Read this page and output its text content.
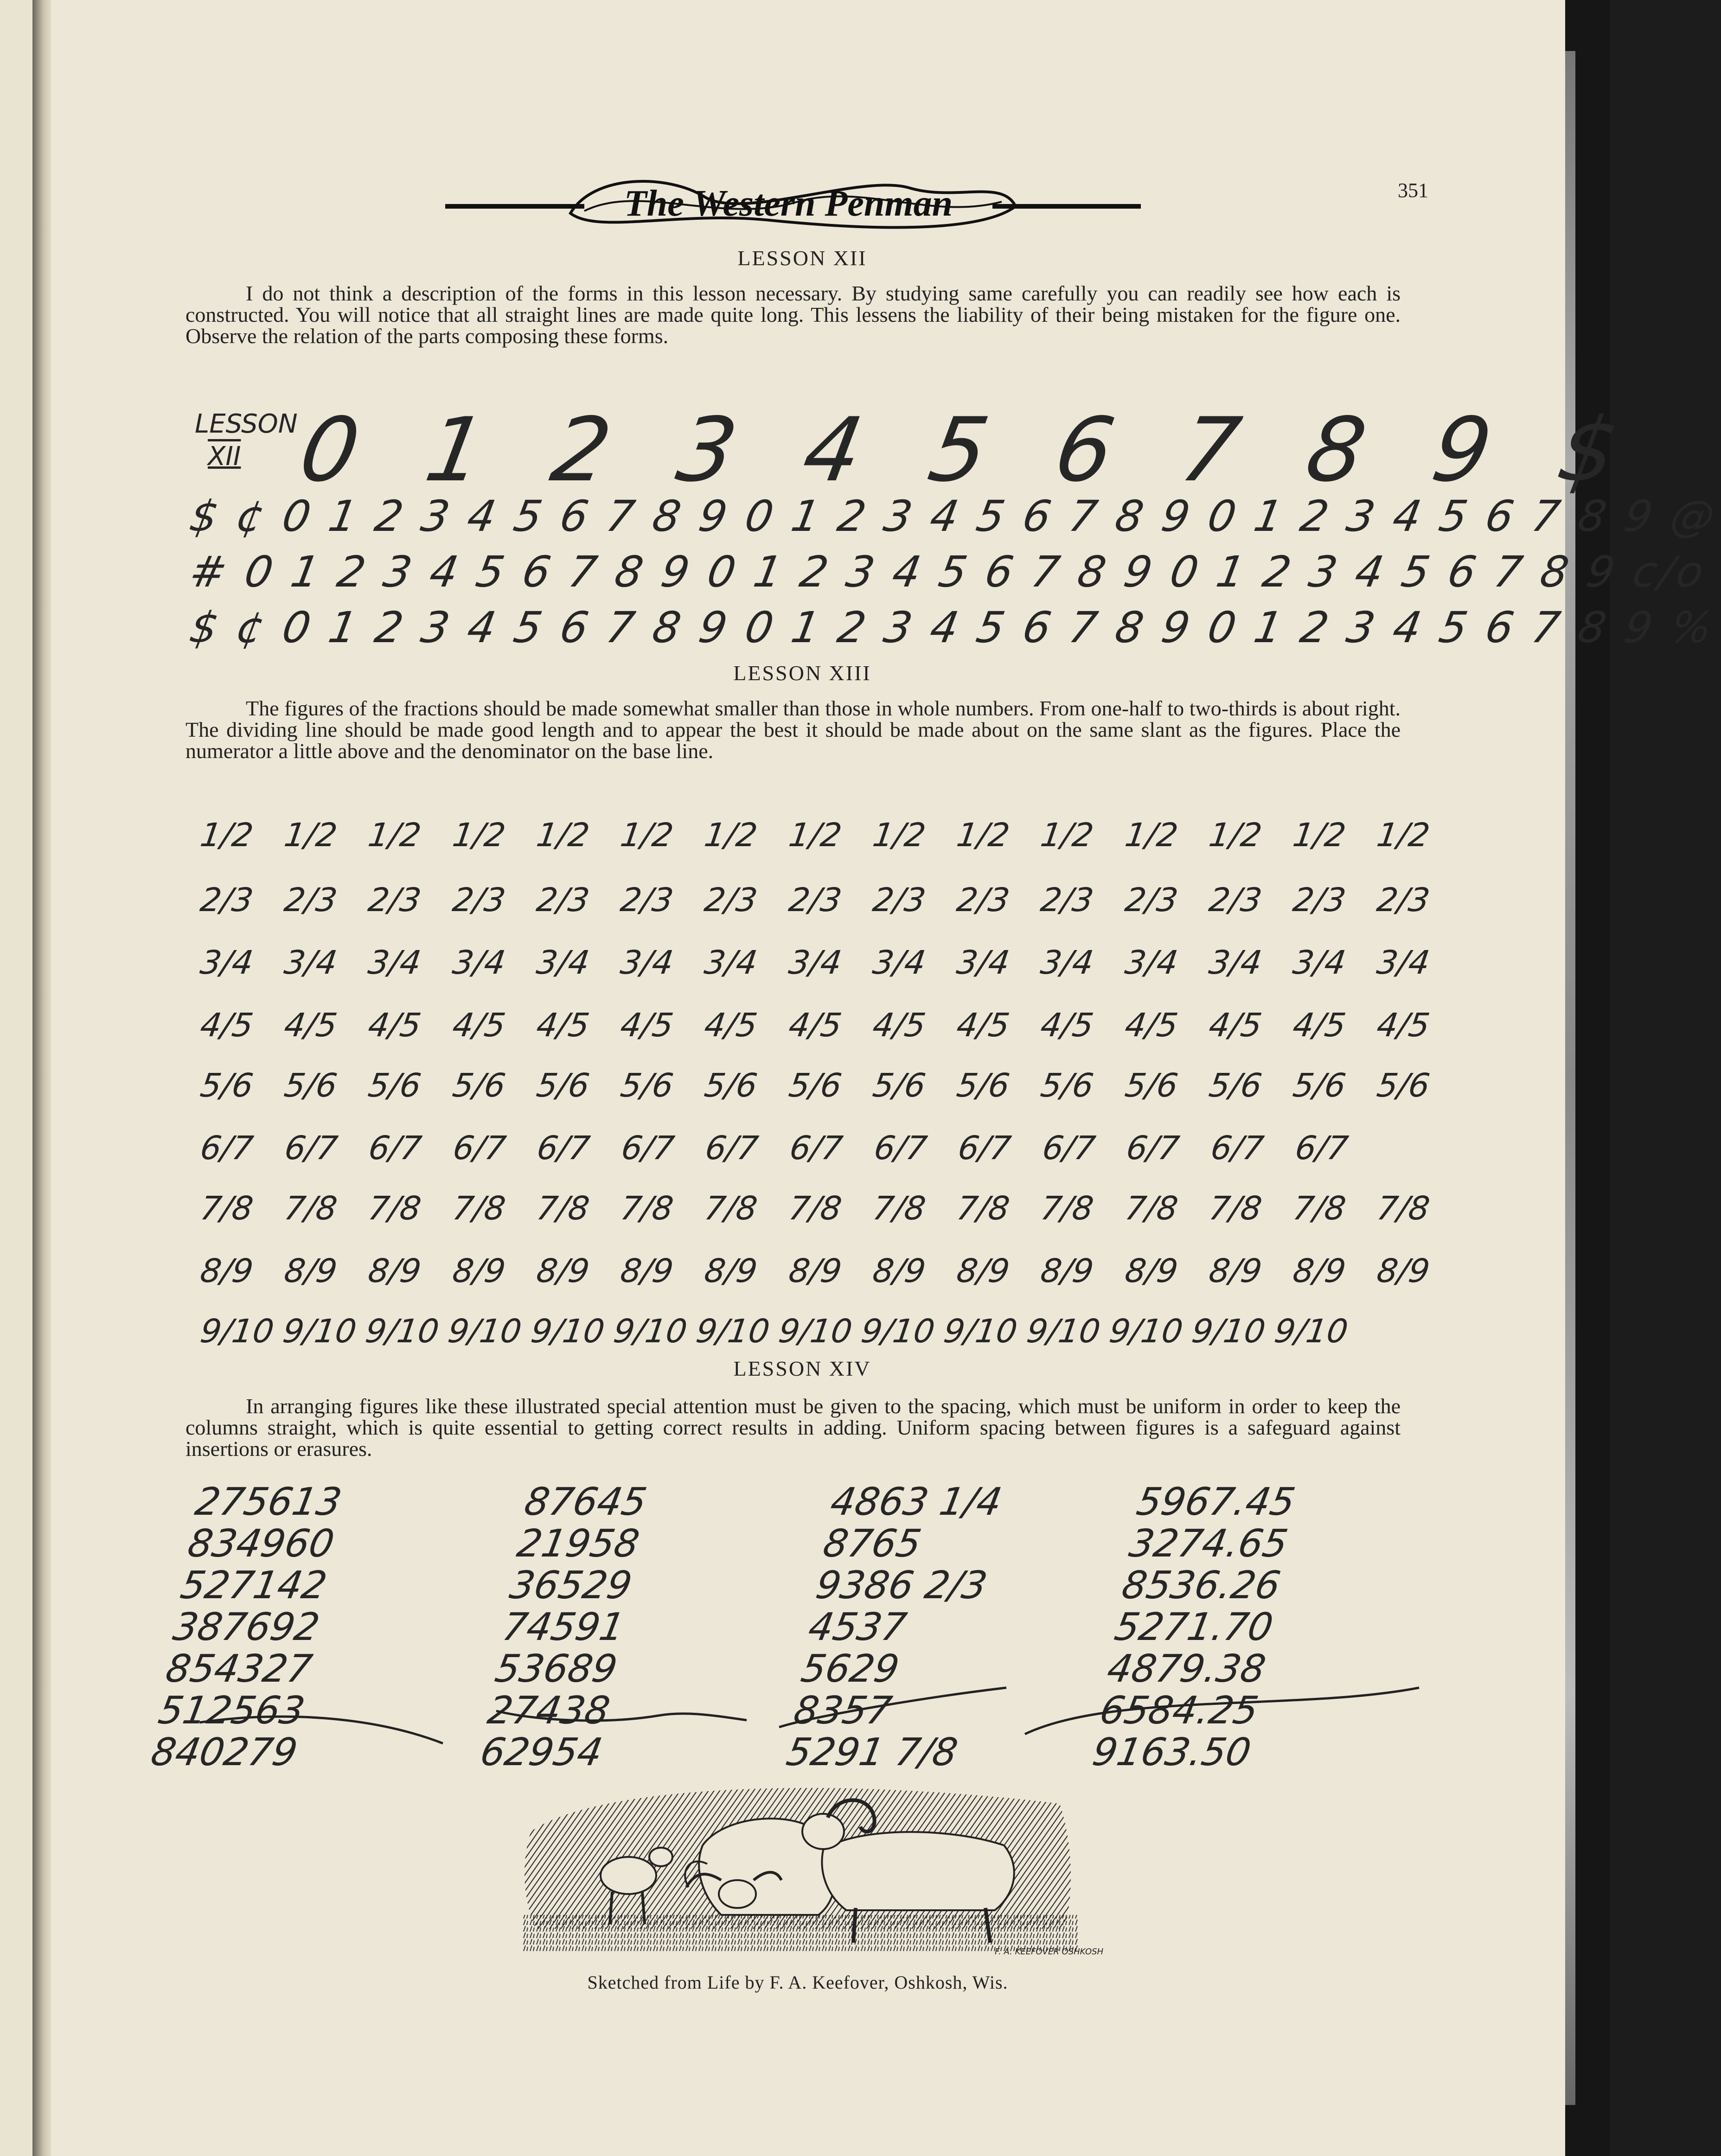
The Western Penman	351
LESSON XII
I do not think a description of the forms in this lesson necessary. By studying same carefully you can readily see how each is constructed. You will notice that all straight lines are made quite long. This lessens the liability of their being mistaken for the figure one. Observe the relation of the parts composing these forms.
LESSON
XII 0 1 2 3 4 5 6 7 8 9 $
$ ¢ 0 1 2 3 4 5 6 7 8 9 0 1 2 3 4 5 6 7 8 9 0 1 2 3 4 5 6 7 8 9 @
# 0 1 2 3 4 5 6 7 8 9 0 1 2 3 4 5 6 7 8 9 0 1 2 3 4 5 6 7 8 9 c/o
$ ¢ 0 1 2 3 4 5 6 7 8 9 0 1 2 3 4 5 6 7 8 9 0 1 2 3 4 5 6 7 8 9 %
LESSON XIII
The figures of the fractions should be made somewhat smaller than those in whole numbers. From one-half to two-thirds is about right. The dividing line should be made good length and to appear the best it should be made about on the same slant as the figures. Place the numerator a little above and the denominator on the base line.
1/2 1/2 1/2 1/2 1/2 1/2 1/2 1/2 1/2 1/2 1/2 1/2 1/2 1/2 1/2
2/3 2/3 2/3 2/3 2/3 2/3 2/3 2/3 2/3 2/3 2/3 2/3 2/3 2/3 2/3
3/4 3/4 3/4 3/4 3/4 3/4 3/4 3/4 3/4 3/4 3/4 3/4 3/4 3/4 3/4
4/5 4/5 4/5 4/5 4/5 4/5 4/5 4/5 4/5 4/5 4/5 4/5 4/5 4/5 4/5
5/6 5/6 5/6 5/6 5/6 5/6 5/6 5/6 5/6 5/6 5/6 5/6 5/6 5/6 5/6
6/7 6/7 6/7 6/7 6/7 6/7 6/7 6/7 6/7 6/7 6/7 6/7 6/7 6/7
7/8 7/8 7/8 7/8 7/8 7/8 7/8 7/8 7/8 7/8 7/8 7/8 7/8 7/8 7/8
8/9 8/9 8/9 8/9 8/9 8/9 8/9 8/9 8/9 8/9 8/9 8/9 8/9 8/9 8/9
9/10 9/10 9/10 9/10 9/10 9/10 9/10 9/10 9/10 9/10 9/10 9/10 9/10 9/10
LESSON XIV
In arranging figures like these illustrated special attention must be given to the spacing, which must be uniform in order to keep the columns straight, which is quite essential to getting correct results in adding. Uniform spacing between figures is a safeguard against insertions or erasures.
275613
834960
527142
387692
854327
512563
840279
87645
21958
36529
74591
53689
27438
62954
4863 1/4
8765
9386 2/3
4537
5629
8357
5291 7/8
5967.45
3274.65
8536.26
5271.70
4879.38
6584.25
9163.50
F. A. KEEFOVER OSHKOSH
Sketched from Life by F. A. Keefover, Oshkosh, Wis.
